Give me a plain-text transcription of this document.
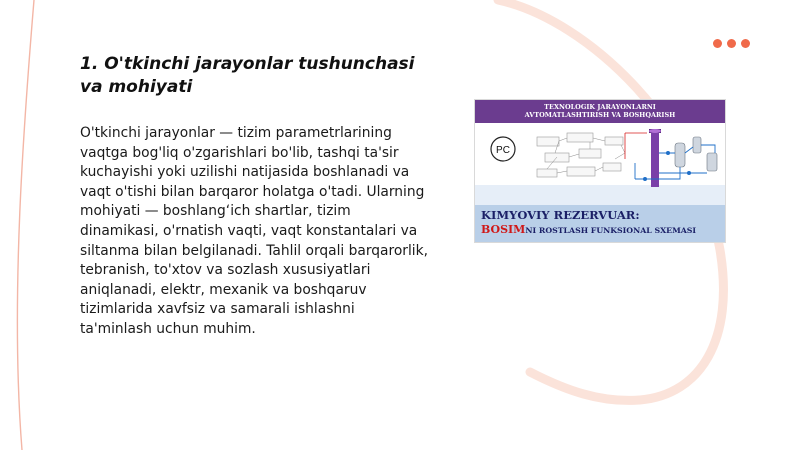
1. O'tkinchi jarayonlar tushunchasi va mohiyati
O'tkinchi jarayonlar — tizim parametrlarining vaqtga bog'liq o'zgarishlari bo'lib, tashqi ta'sir kuchayishi yoki uzilishi natijasida boshlanadi va vaqt o'tishi bilan barqaror holatga o'tadi. Ularning mohiyati — boshlang‘ich shartlar, tizim dinamikasi, o'rnatish vaqti, vaqt konstantalari va siltanma bilan belgilanadi. Tahlil orqali barqarorlik, tebranish, to'xtov va sozlash xususiyatlari aniqlanadi, elektr, mexanik va boshqaruv tizimlarida xavfsiz va samarali ishlashni ta'minlash uchun muhim.
TEXNOLOGIK JARAYONLARNI
AVTOMATLASHTIRISH VA BOSHQARISH
PC
KIMYOVIY REZERVUAR:
BOSIMNI ROSTLASH FUNKSIONAL SXEMASI
